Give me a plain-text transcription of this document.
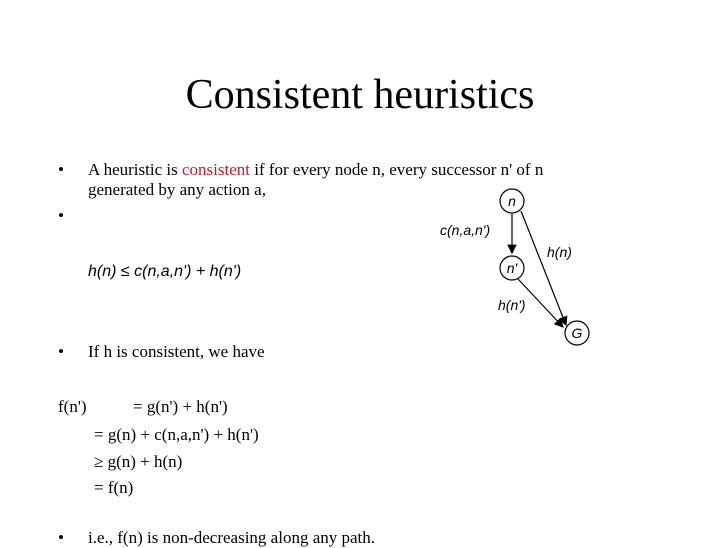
Consistent heuristics
•	A heuristic is consistent if for every node n, every successor n' of n
generated by any action a,
•
h(n) ≤ c(n,a,n') + h(n')
•	If h is consistent, we have
f(n')	= g(n') + h(n')
= g(n) + c(n,a,n') + h(n')
≥ g(n) + h(n)
= f(n)
•	i.e., f(n) is non-decreasing along any path.
n
n'
G
c(n,a,n')
h(n)
h(n')
